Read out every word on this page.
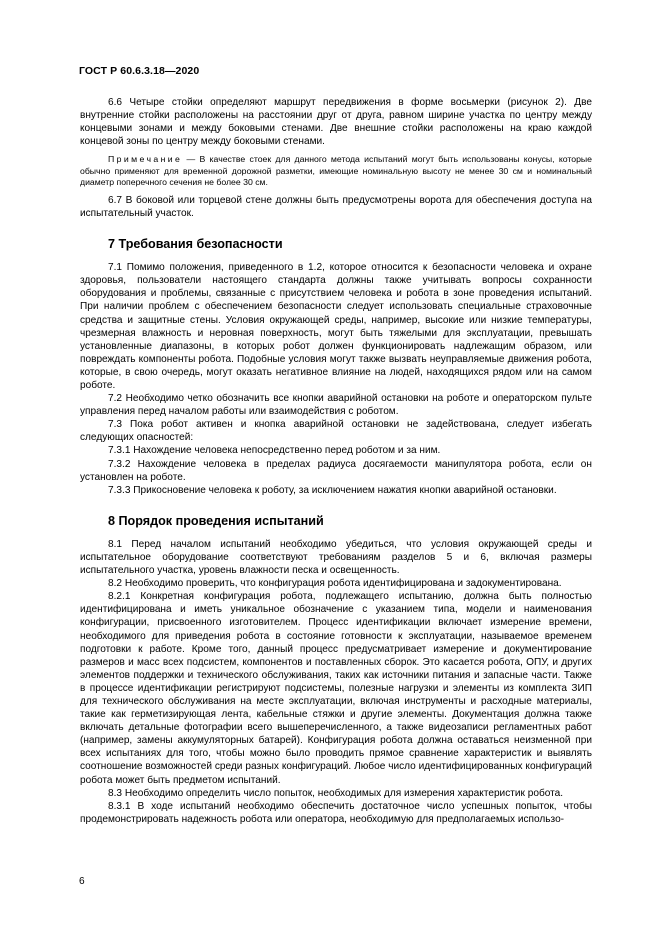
ГОСТ Р 60.6.3.18—2020

6.6 Четыре стойки определяют маршрут передвижения в форме восьмерки (рисунок 2). Две внутренние стойки расположены на расстоянии друг от друга, равном ширине участка по центру между концевыми зонами и между боковыми стенами. Две внешние стойки расположены на краю каждой концевой зоны по центру между боковыми стенами.

Примечание — В качестве стоек для данного метода испытаний могут быть использованы конусы, которые обычно применяют для временной дорожной разметки, имеющие номинальную высоту не менее 30 см и номинальный диаметр поперечного сечения не более 30 см.

6.7 В боковой или торцевой стене должны быть предусмотрены ворота для обеспечения доступа на испытательный участок.

7 Требования безопасности

7.1 Помимо положения, приведенного в 1.2, которое относится к безопасности человека и охране здоровья, пользователи настоящего стандарта должны также учитывать вопросы сохранности оборудования и проблемы, связанные с присутствием человека и робота в зоне проведения испытаний. При наличии проблем с обеспечением безопасности следует использовать специальные страховочные средства и защитные стены. Условия окружающей среды, например, высокие или низкие температуры, чрезмерная влажность и неровная поверхность, могут быть тяжелыми для эксплуатации, превышать установленные диапазоны, в которых робот должен функционировать надлежащим образом, или повреждать компоненты робота. Подобные условия могут также вызвать неуправляемые движения робота, которые, в свою очередь, могут оказать негативное влияние на людей, находящихся рядом или на самом роботе.

7.2 Необходимо четко обозначить все кнопки аварийной остановки на роботе и операторском пульте управления перед началом работы или взаимодействия с роботом.

7.3 Пока робот активен и кнопка аварийной остановки не задействована, следует избегать следующих опасностей:

7.3.1 Нахождение человека непосредственно перед роботом и за ним.

7.3.2 Нахождение человека в пределах радиуса досягаемости манипулятора робота, если он установлен на роботе.

7.3.3 Прикосновение человека к роботу, за исключением нажатия кнопки аварийной остановки.

8 Порядок проведения испытаний

8.1 Перед началом испытаний необходимо убедиться, что условия окружающей среды и испытательное оборудование соответствуют требованиям разделов 5 и 6, включая размеры испытательного участка, уровень влажности песка и освещенность.

8.2 Необходимо проверить, что конфигурация робота идентифицирована и задокументирована.

8.2.1 Конкретная конфигурация робота, подлежащего испытанию, должна быть полностью идентифицирована и иметь уникальное обозначение с указанием типа, модели и наименования конфигурации, присвоенного изготовителем. Процесс идентификации включает измерение времени, необходимого для приведения робота в состояние готовности к эксплуатации, называемое временем подготовки к работе. Кроме того, данный процесс предусматривает измерение и документирование размеров и масс всех подсистем, компонентов и поставленных сборок. Это касается робота, ОПУ, и других элементов поддержки и технического обслуживания, таких как источники питания и запасные части. Также в процессе идентификации регистрируют подсистемы, полезные нагрузки и элементы из комплекта ЗИП для технического обслуживания на месте эксплуатации, включая инструменты и расходные материалы, такие как герметизирующая лента, кабельные стяжки и другие элементы. Документация должна также включать детальные фотографии всего вышеперечисленного, а также видеозаписи регламентных работ (например, замены аккумуляторных батарей). Конфигурация робота должна оставаться неизменной при всех испытаниях для того, чтобы можно было проводить прямое сравнение характеристик и выявлять соотношение возможностей среди разных конфигураций. Любое число идентифицированных конфигураций робота может быть предметом испытаний.

8.3 Необходимо определить число попыток, необходимых для измерения характеристик робота.

8.3.1 В ходе испытаний необходимо обеспечить достаточное число успешных попыток, чтобы продемонстрировать надежность робота или оператора, необходимую для предполагаемых использо-

6
